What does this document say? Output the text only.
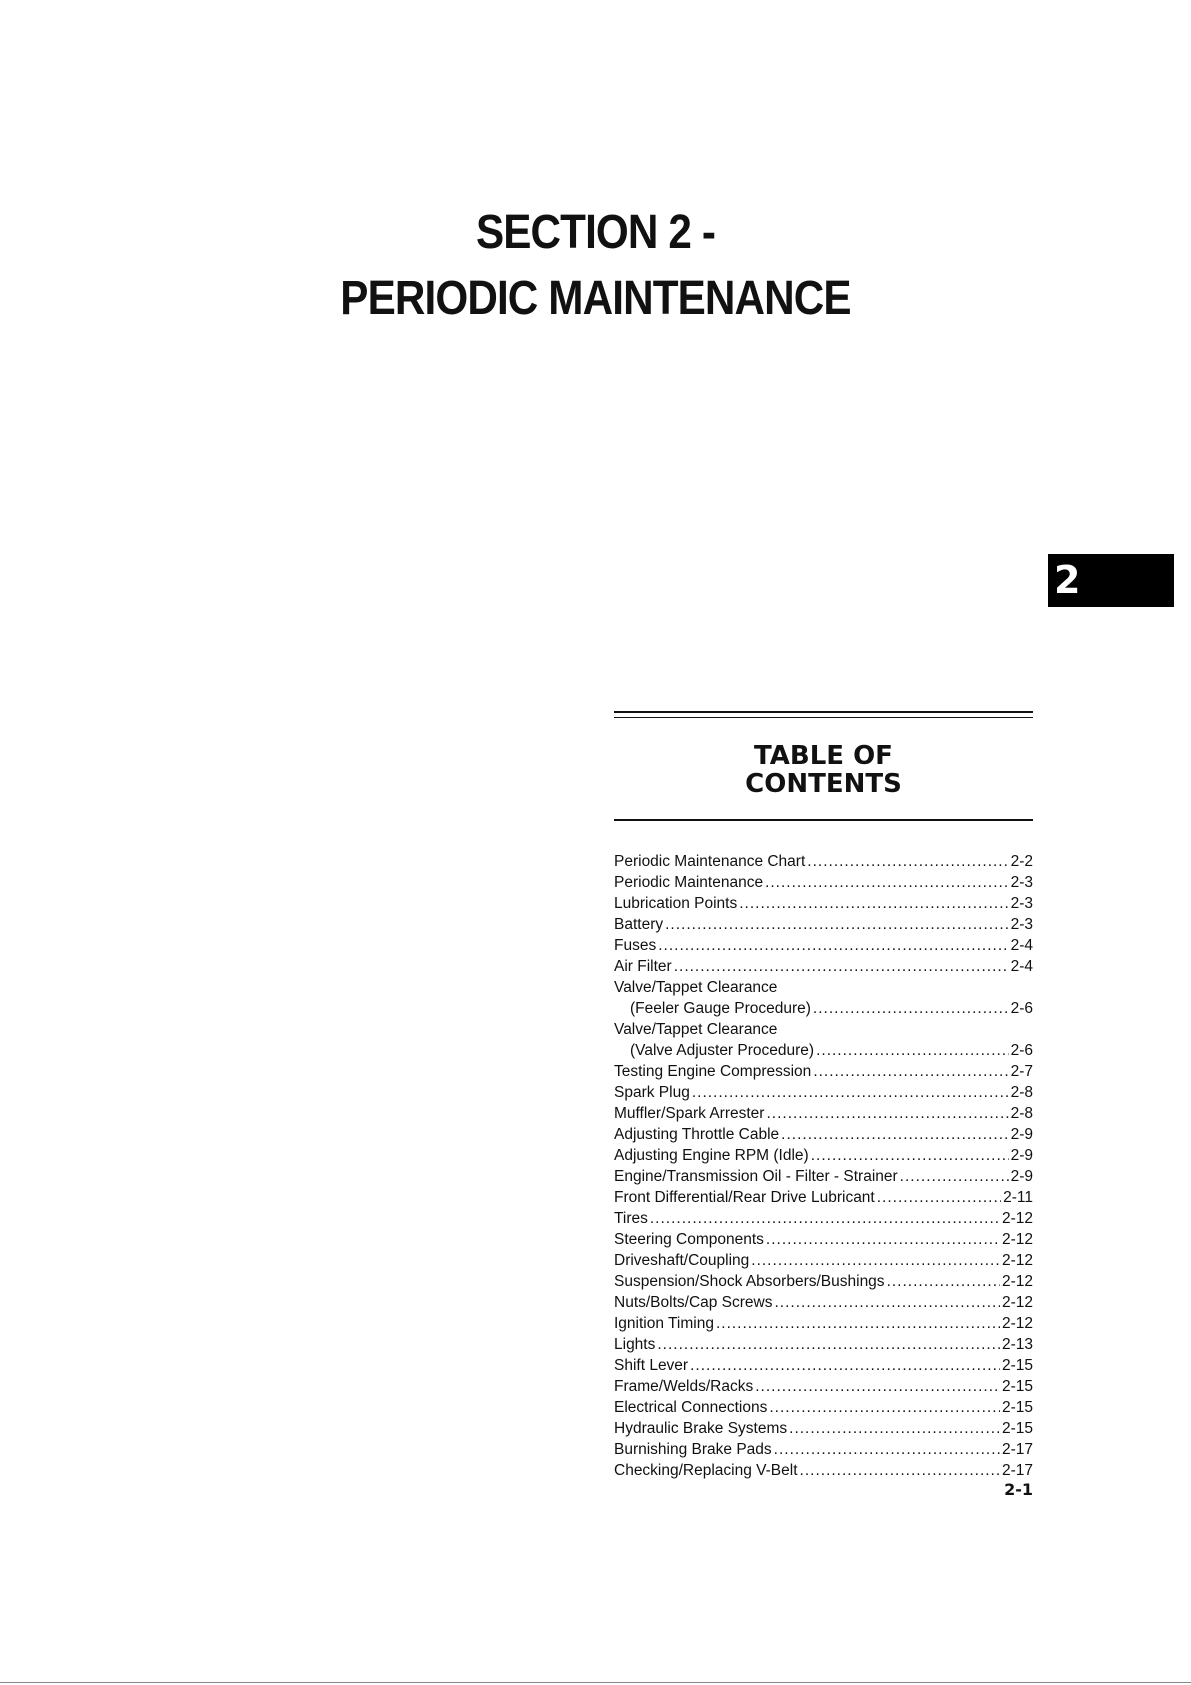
SECTION 2 -
PERIODIC MAINTENANCE
2
TABLE OF
CONTENTS
Periodic Maintenance Chart .....	2-2
Periodic Maintenance .....	2-3
Lubrication Points .....	2-3
Battery .....	2-3
Fuses .....	2-4
Air Filter .....	2-4
Valve/Tappet Clearance
(Feeler Gauge Procedure) .....	2-6
Valve/Tappet Clearance
(Valve Adjuster Procedure) .....	2-6
Testing Engine Compression .....	2-7
Spark Plug .....	2-8
Muffler/Spark Arrester .....	2-8
Adjusting Throttle Cable .....	2-9
Adjusting Engine RPM (Idle) .....	2-9
Engine/Transmission Oil - Filter - Strainer .....	2-9
Front Differential/Rear Drive Lubricant .....	2-11
Tires .....	2-12
Steering Components .....	2-12
Driveshaft/Coupling .....	2-12
Suspension/Shock Absorbers/Bushings .....	2-12
Nuts/Bolts/Cap Screws .....	2-12
Ignition Timing .....	2-12
Lights .....	2-13
Shift Lever .....	2-15
Frame/Welds/Racks .....	2-15
Electrical Connections .....	2-15
Hydraulic Brake Systems .....	2-15
Burnishing Brake Pads .....	2-17
Checking/Replacing V-Belt .....	2-17
2-1
